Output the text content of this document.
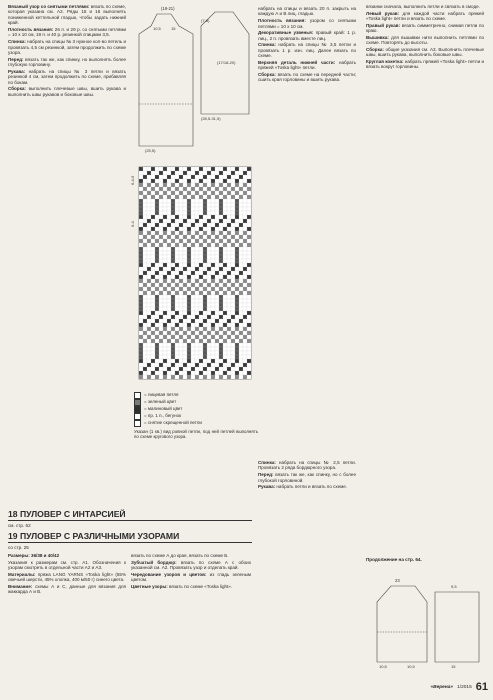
Вязаный узор со снятыми петлями: вязать по схеме, которая указана см. А2. Ряды 15 и 16 выполнять пониженной кеттельной гладью, чтобы задать нижний край.

Плотность вязания: 26 п. и 29 р. со снятыми петлями = 10 х 10 см, 19 п. и 40 р. резинкой спицами 3,5.

Спинка: набрать на спицы № 3 нужное кол-во петель и провязать 4,5 см резинкой, затем продолжить по схеме узора.

Перед: вязать так же, как спинку, но выполнять более глубокую горловину.

Рукава: набрать на спицы № 3 петли и вязать резинкой 4 см, затем продолжить по схеме, прибавляя по бокам.

Сборка: выполнить плечевые швы, вшить рукава и выполнить швы рукавов и боковые швы.

(18-21)
10,5	15
(7-8)
(17/18-20)
(25,5)
(28,5-31,5)
6-4-6
6-4
= лицевая петля
= зеленый цвет
= малиновый цвет
= пр. 1 п., бегунок
= снятие скрещенной петли
Указан (1 кв.) вид ровной петли, под ней петлей выполнять по схеме кругового узора.

набрать на спицы и вязать 20 п. закрыть на каждую А и В лиц. гладью.

Плотность вязания: узором со снятыми петлями = 10 х 10 см.

Декоративные узвенья: правый край: 1 р. лиц., 2 п. провязать вместе лиц.

Спинка: набрать на спицы № 3,5 петли и провязать 1 р. изн. лиц. Далее вязать по схеме.

Верхняя деталь нижней части: набрать пряжей «Toska light» петли.

Сборка: вязать по схеме на передней части; сшить края горловины и вшить рукава.

вязанки сначала, выполнить петли и связать в смоде.

Левый рукав: для каждой части набрать пряжей «Toska light» петли и вязать по схеме.

Правый рукав: вязать симметрично, снимая петли по краю.

Вышивка: для вышивки нити выполнить петлями по схеме. Повторять до высоты.

Сборка: общие указания см. А3. Выполнить плечевые швы, вшить рукава, выполнить боковые швы.

Круглая кокетка: набрать пряжей «Toska light» петли и вязать вокруг горловины.

Продолжение на стр. 64.
23
10,5	10,5
9,5
15
18 ПУЛОВЕР С ИНТАРСИЕЙ
см. стр. 62
19 ПУЛОВЕР С РАЗЛИЧНЫМИ УЗОРАМИ
со стр. 25

Размеры: 36/38 и 40/42

Указания к размерам см. стр. А1. Обозначения к узорам смотреть в отдельной части А2 и А3.

Материалы: пряжа LANG YARNS «Toska light» (55% овечьей шерсти, 45% хлопка, 400 м/50 г) синего цвета.

Внимание: схемы А и С, данные для вязания для жаккарда А и В.

вязать по схеме А до края, вязать по схеме Б.

Зубчатый бордюр: вязать по схеме А с обоих указанной см. А2. Провязать узор и отделать край.

Чередование узоров и цветов: из гладь зеленым цветом.

Цветные узоры: вязать по схеме «Toska light».

Спинка: набрать на спицы № 2,5 петли. Провязать 2 ряда бордюрного узора.

Перед: вязать так же, как спинку, но с более глубокой горловиной.

Рукава: набрать петли и вязать по схеме.

«Верена» 1/2015 61
